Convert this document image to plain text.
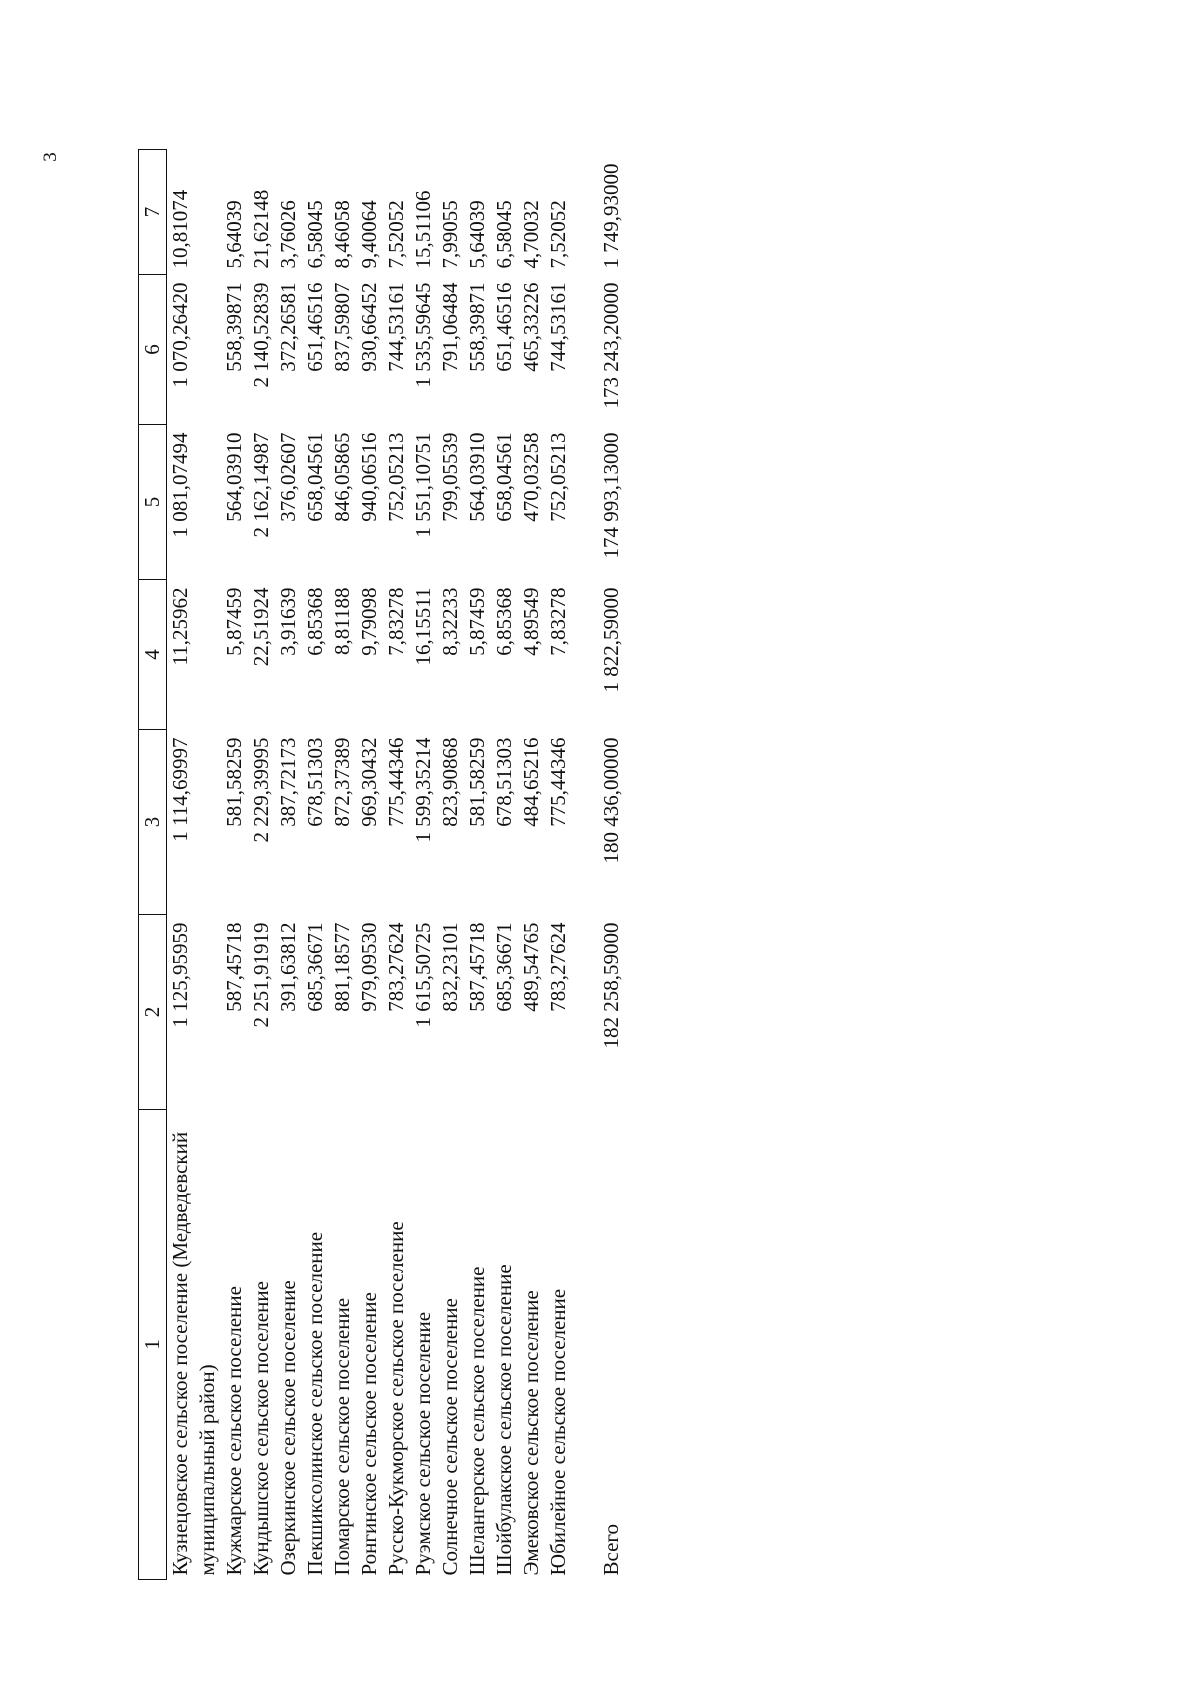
3
1	2	3	4	5	6	7
Кузнецовское сельское поселение (Медведевский муниципальный район)	1 125,95959	1 114,69997	11,25962	1 081,07494	1 070,26420	10,81074
Кужмарское сельское поселение	587,45718	581,58259	5,87459	564,03910	558,39871	5,64039
Кундышское сельское поселение	2 251,91919	2 229,39995	22,51924	2 162,14987	2 140,52839	21,62148
Озеркинское сельское поселение	391,63812	387,72173	3,91639	376,02607	372,26581	3,76026
Пекшиксолинское сельское поселение	685,36671	678,51303	6,85368	658,04561	651,46516	6,58045
Помарское сельское поселение	881,18577	872,37389	8,81188	846,05865	837,59807	8,46058
Ронгинское сельское поселение	979,09530	969,30432	9,79098	940,06516	930,66452	9,40064
Русско-Кукморское сельское поселение	783,27624	775,44346	7,83278	752,05213	744,53161	7,52052
Руэмское сельское поселение	1 615,50725	1 599,35214	16,15511	1 551,10751	1 535,59645	15,51106
Солнечное сельское поселение	832,23101	823,90868	8,32233	799,05539	791,06484	7,99055
Шелангерское сельское поселение	587,45718	581,58259	5,87459	564,03910	558,39871	5,64039
Шойбулакское сельское поселение	685,36671	678,51303	6,85368	658,04561	651,46516	6,58045
Эмековское сельское поселение	489,54765	484,65216	4,89549	470,03258	465,33226	4,70032
Юбилейное сельское поселение	783,27624	775,44346	7,83278	752,05213	744,53161	7,52052

Всего	182 258,59000	180 436,00000	1 822,59000	174 993,13000	173 243,20000	1 749,93000
